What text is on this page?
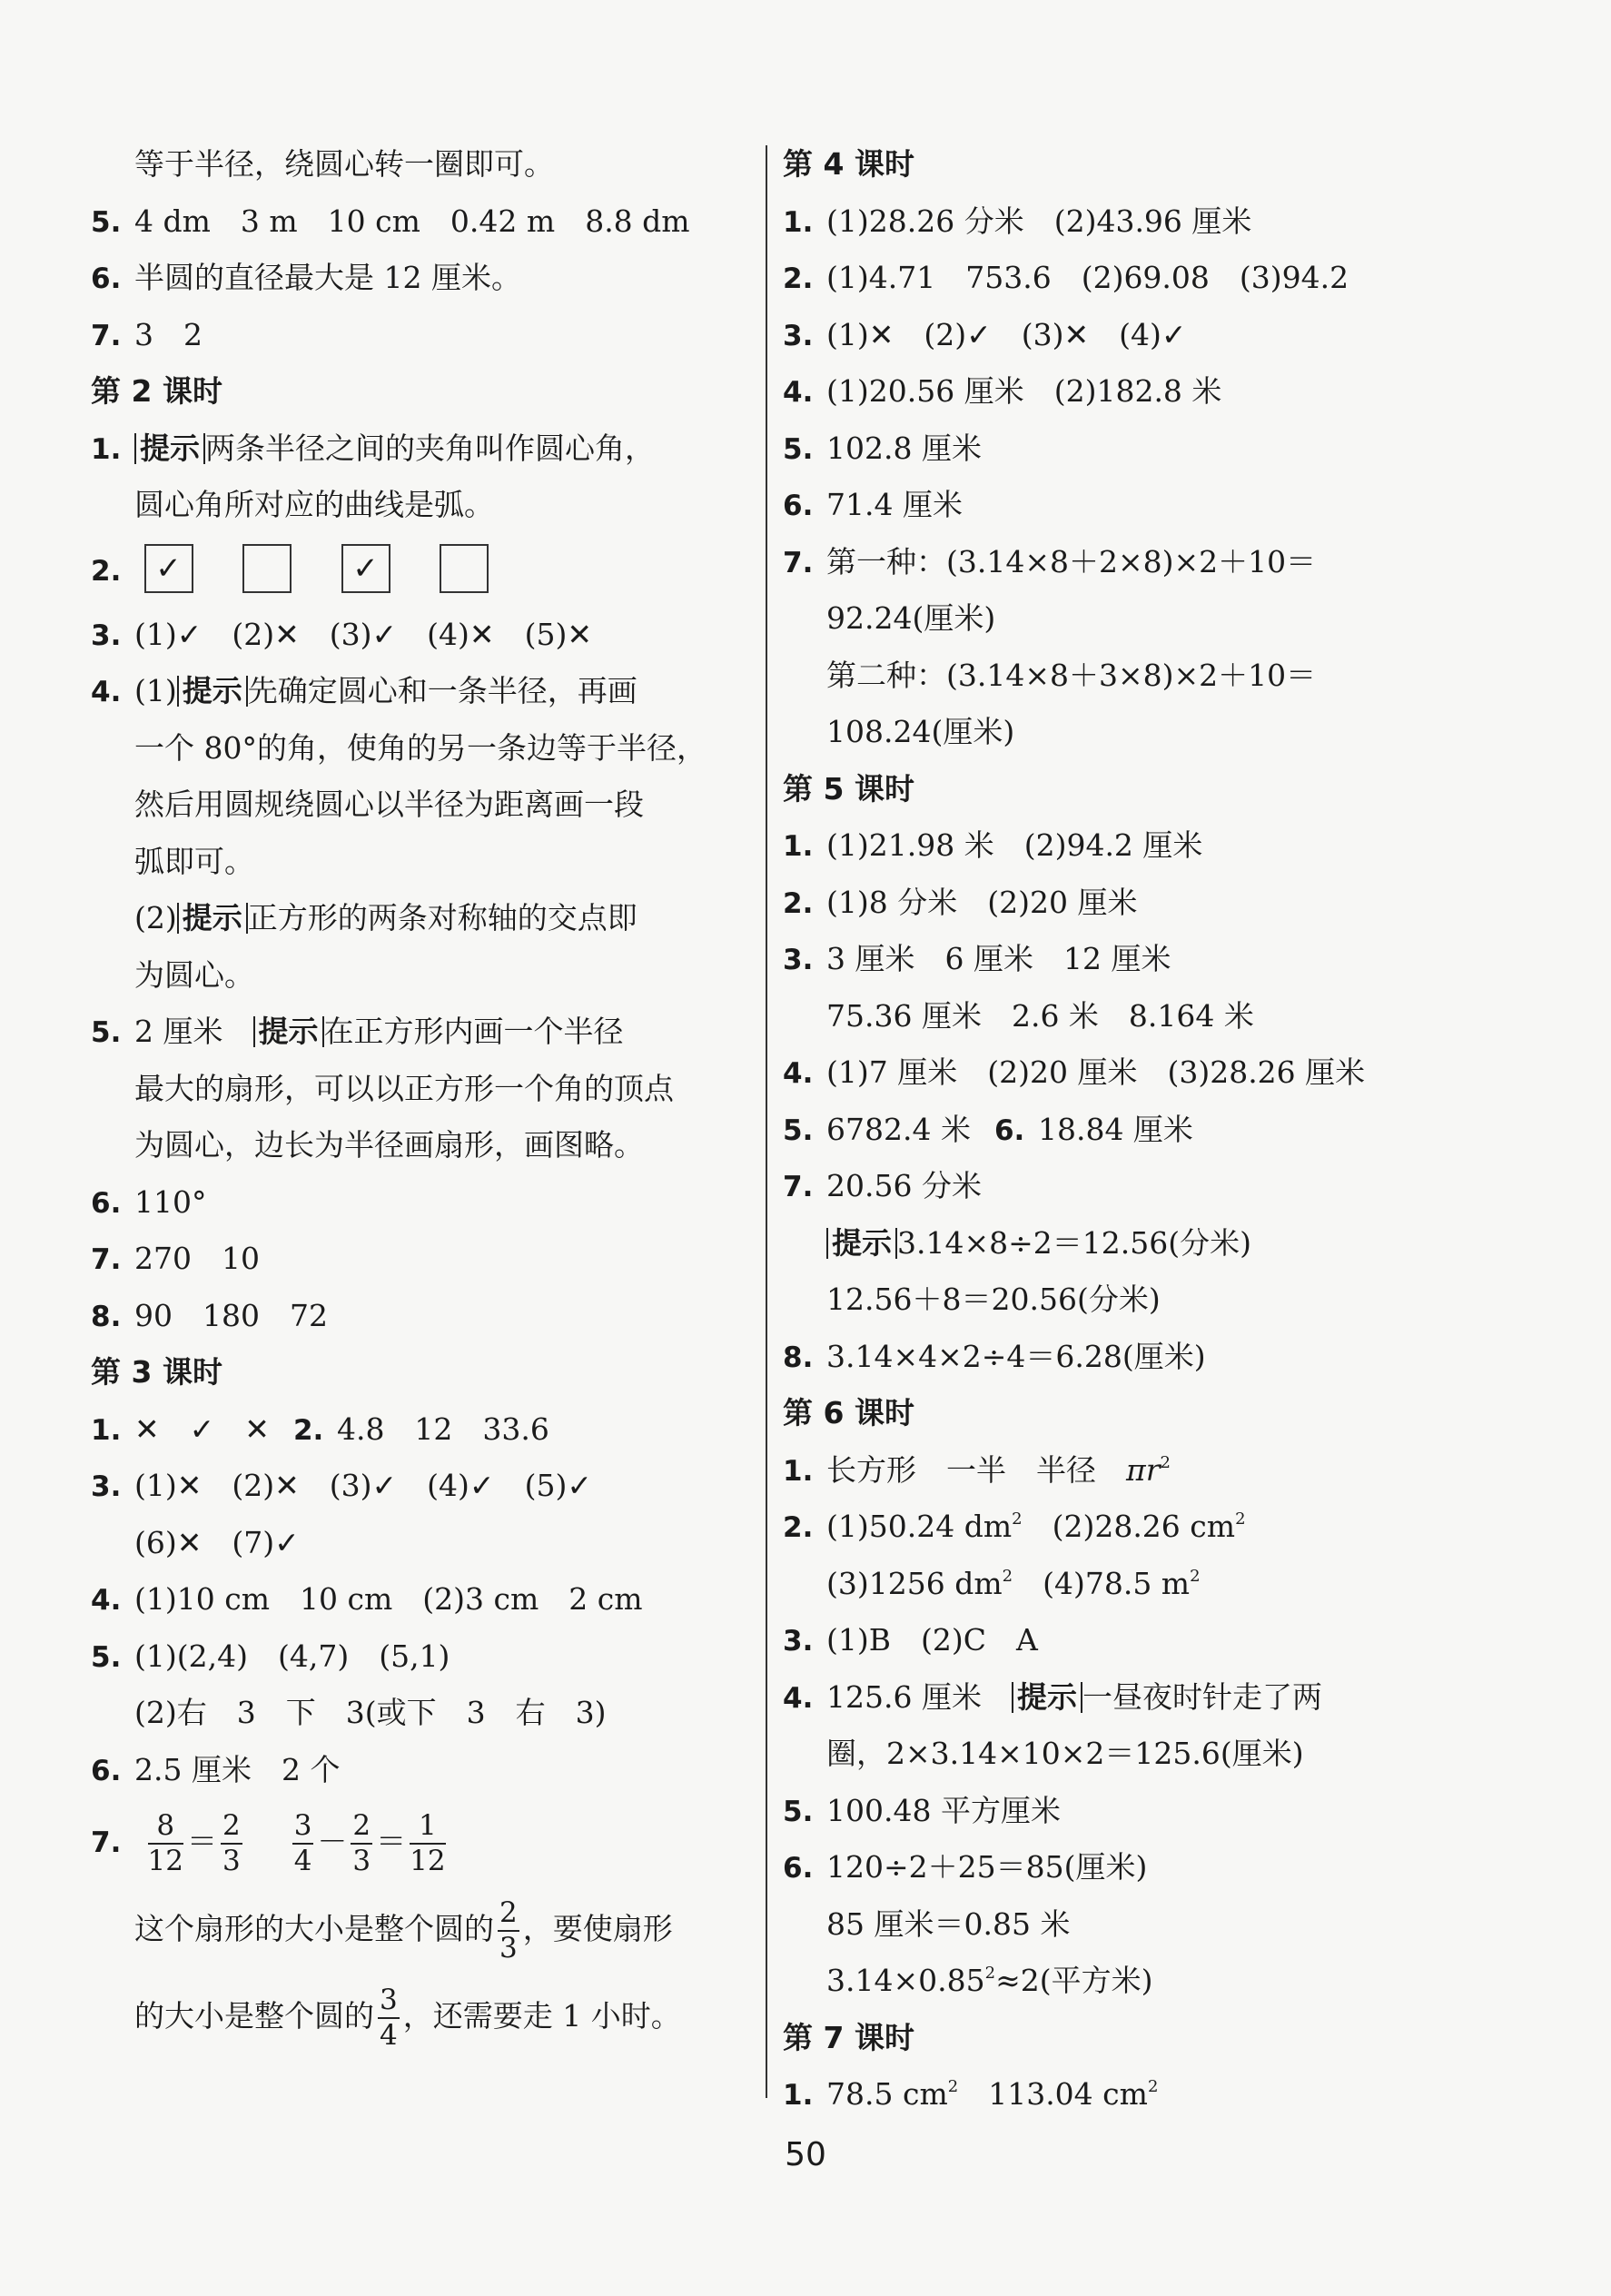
等于半径，绕圆心转一圈即可。
5. 4 dm　3 m　10 cm　0.42 m　8.8 dm
6. 半圆的直径最大是 12 厘米。
7. 3　2
第 2 课时
1. 提示 两条半径之间的夹角叫作圆心角，
圆心角所对应的曲线是弧。
2. ✓	✓
3. (1)✓　(2)✕　(3)✓　(4)✕　(5)✕
4. (1) 提示 先确定圆心和一条半径，再画
一个 80°的角，使角的另一条边等于半径，
然后用圆规绕圆心以半径为距离画一段
弧即可。
(2) 提示 正方形的两条对称轴的交点即
为圆心。
5. 2 厘米　提示 在正方形内画一个半径
最大的扇形，可以以正方形一个角的顶点
为圆心，边长为半径画扇形，画图略。
6. 110°
7. 270　10
8. 90　180　72
第 3 课时
1. ✕　✓　✕ 2. 4.8　12　33.6
3. (1)✕　(2)✕　(3)✓　(4)✓　(5)✓
(6)✕　(7)✓
4. (1)10 cm　10 cm　(2)3 cm　2 cm
5. (1)(2,4)　(4,7)　(5,1)
(2)右　3　下　3(或下　3　右　3)
6. 2.5 厘米　2 个
7. $\frac{8}{12} = \frac{2}{3}$
$\frac{3}{4} - \frac{2}{3} = \frac{1}{12}$
这个扇形的大小是整个圆的 $\frac{2}{3}$ ，要使扇形
的大小是整个圆的 $\frac{3}{4}$ ，还需要走 1 小时。
第 4 课时
1. (1)28.26 分米　(2)43.96 厘米
2. (1)4.71　753.6　(2)69.08　(3)94.2
3. (1)✕　(2)✓　(3)✕　(4)✓
4. (1)20.56 厘米　(2)182.8 米
5. 102.8 厘米
6. 71.4 厘米
7. 第一种：(3.14×8＋2×8)×2＋10＝
92.24(厘米)
第二种：(3.14×8＋3×8)×2＋10＝
108.24(厘米)
第 5 课时
1. (1)21.98 米　(2)94.2 厘米
2. (1)8 分米　(2)20 厘米
3. 3 厘米　6 厘米　12 厘米
75.36 厘米　2.6 米　8.164 米
4. (1)7 厘米　(2)20 厘米　(3)28.26 厘米
5. 6782.4 米 6. 18.84 厘米
7. 20.56 分米
提示 3.14×8÷2＝12.56(分米)
12.56＋8＝20.56(分米)
8. 3.14×4×2÷4＝6.28(厘米)
第 6 课时
1. 长方形　一半　半径　$\pi r^2$
2. (1)50.24 $dm^2$　(2)28.26 $cm^2$
(3)1256 $dm^2$　(4)78.5 $m^2$
3. (1)B　(2)C　A
4. 125.6 厘米　提示 一昼夜时针走了两
圈，2×3.14×10×2＝125.6(厘米)
5. 100.48 平方厘米
6. 120÷2＋25＝85(厘米)
85 厘米＝0.85 米
$3.14\times 0.85^2\approx 2$(平方米)
第 7 课时
1. 78.5 $cm^2$　113.04 $cm^2$
50
